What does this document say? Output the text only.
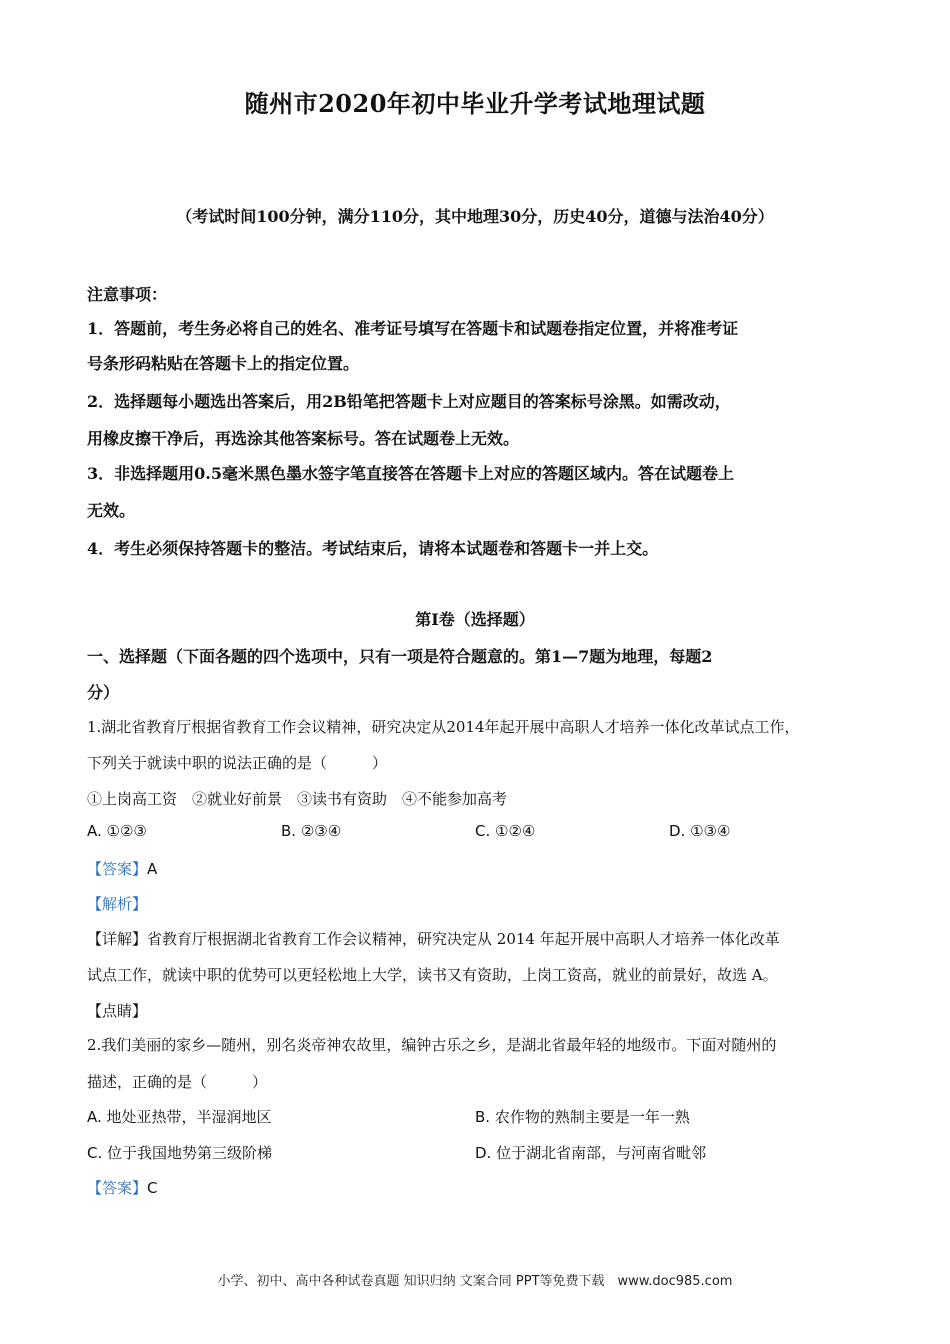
随州市2020年初中毕业升学考试地理试题
（考试时间100分钟，满分110分，其中地理30分，历史40分，道德与法治40分）
注意事项：
1．答题前，考生务必将自己的姓名、准考证号填写在答题卡和试题卷指定位置，并将准考证
号条形码粘贴在答题卡上的指定位置。
2．选择题每小题选出答案后，用2B铅笔把答题卡上对应题目的答案标号涂黑。如需改动，
用橡皮擦干净后，再选涂其他答案标号。答在试题卷上无效。
3．非选择题用0.5毫米黑色墨水签字笔直接答在答题卡上对应的答题区域内。答在试题卷上
无效。
4．考生必须保持答题卡的整洁。考试结束后，请将本试题卷和答题卡一并上交。
第Ⅰ卷（选择题）
一、选择题（下面各题的四个选项中，只有一项是符合题意的。第1—7题为地理，每题2
分）
1.湖北省教育厅根据省教育工作会议精神，研究决定从2014年起开展中高职人才培养一体化改革试点工作，
下列关于就读中职的说法正确的是（　　　）
①上岗高工资　②就业好前景　③读书有资助　④不能参加高考
A. ①②③	B. ②③④	C. ①②④	D. ①③④
【答案】A
【解析】
【详解】省教育厅根据湖北省教育工作会议精神，研究决定从 2014 年起开展中高职人才培养一体化改革
试点工作，就读中职的优势可以更轻松地上大学，读书又有资助，上岗工资高，就业的前景好，故选 A。
【点睛】
2.我们美丽的家乡—随州，别名炎帝神农故里，编钟古乐之乡，是湖北省最年轻的地级市。下面对随州的
描述，正确的是（　　　）
A. 地处亚热带，半湿润地区	B. 农作物的熟制主要是一年一熟
C. 位于我国地势第三级阶梯	D. 位于湖北省南部，与河南省毗邻
【答案】C
小学、初中、高中各种试卷真题 知识归纳 文案合同 PPT等免费下载　www.doc985.com
